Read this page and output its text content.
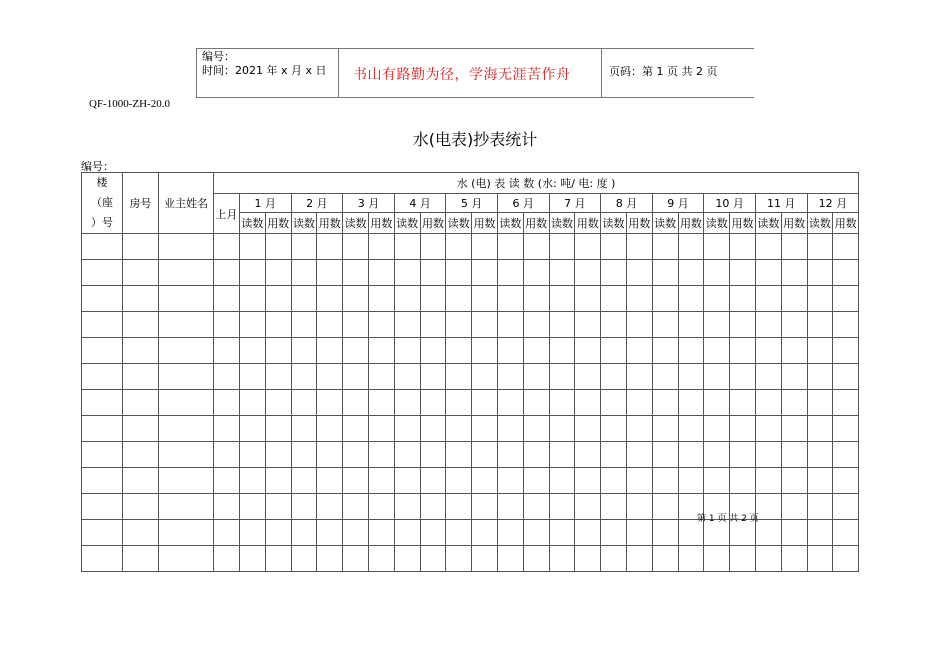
编号：
时间：2021 年 x 月 x 日 书山有路勤为径，学海无涯苦作舟	页码：第 1 页 共 2 页
QF-1000-ZH-20.0
水(电表)抄表统计
编号：
楼
（座
）号	房号	业主姓名	水 (电) 表 读 数 (水: 吨/ 电: 度 )																								
			上月	1 月		2 月		3 月		4 月		5 月		6 月		7 月		8 月		9 月		10 月		11 月		12 月	
				读数	用数	读数	用数	读数	用数	读数	用数	读数	用数	读数	用数	读数	用数	读数	用数	读数	用数	读数	用数	读数	用数	读数	用数

第 1 页 共 2 页
